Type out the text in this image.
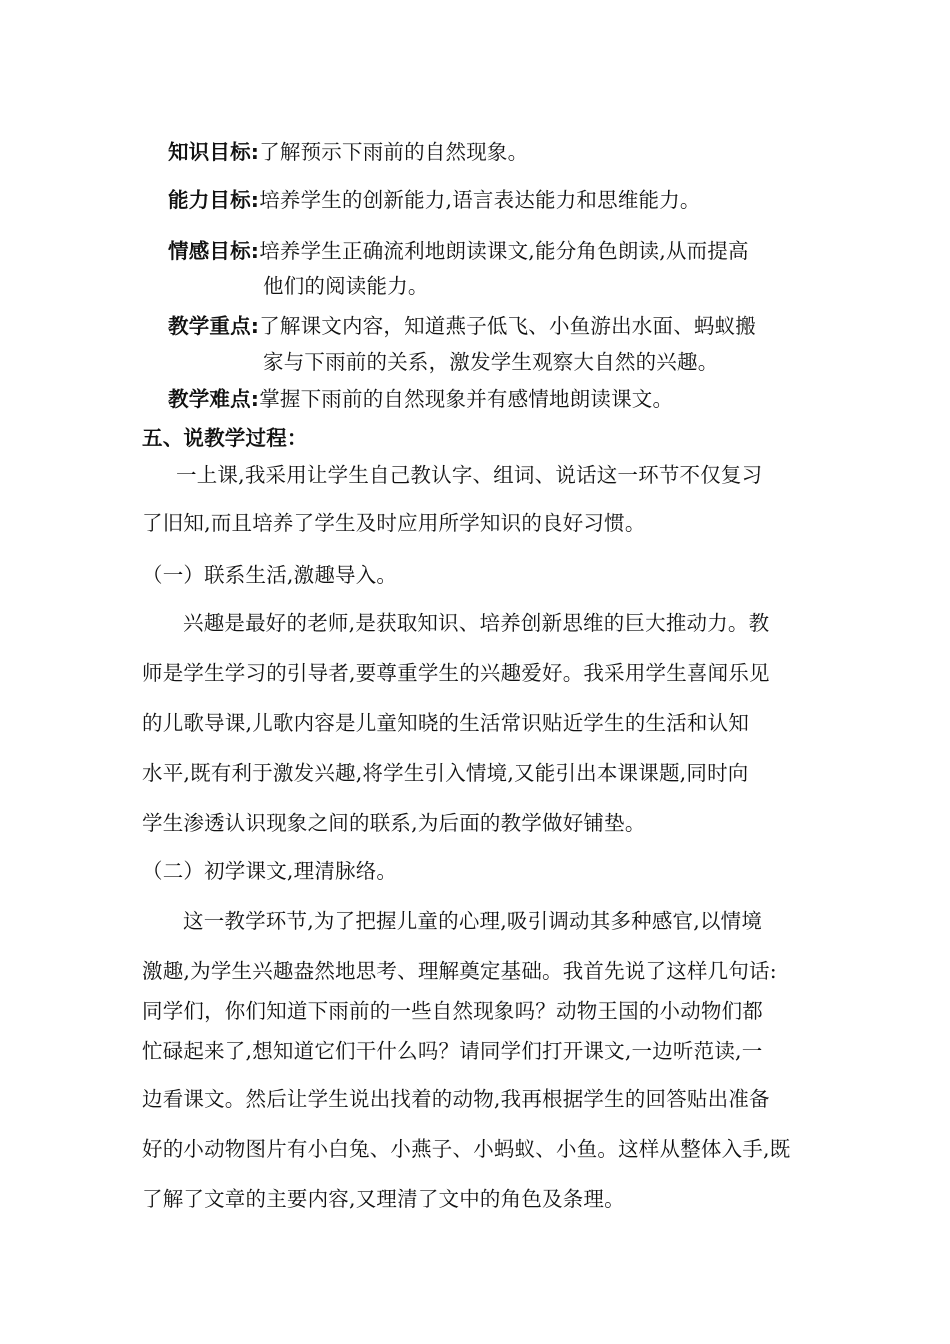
知识目标:了解预示下雨前的自然现象。
能力目标:培养学生的创新能力,语言表达能力和思维能力。
情感目标:培养学生正确流利地朗读课文,能分角色朗读,从而提高
他们的阅读能力。
教学重点:了解课文内容，知道燕子低飞、小鱼游出水面、蚂蚁搬
家与下雨前的关系，激发学生观察大自然的兴趣。
教学难点:掌握下雨前的自然现象并有感情地朗读课文。
五、说教学过程：
一上课,我采用让学生自己教认字、组词、说话这一环节不仅复习
了旧知,而且培养了学生及时应用所学知识的良好习惯。
（一）联系生活,激趣导入。
兴趣是最好的老师,是获取知识、培养创新思维的巨大推动力。教
师是学生学习的引导者,要尊重学生的兴趣爱好。我采用学生喜闻乐见
的儿歌导课,儿歌内容是儿童知晓的生活常识贴近学生的生活和认知
水平,既有利于激发兴趣,将学生引入情境,又能引出本课课题,同时向
学生渗透认识现象之间的联系,为后面的教学做好铺垫。
（二）初学课文,理清脉络。
这一教学环节,为了把握儿童的心理,吸引调动其多种感官,以情境
激趣,为学生兴趣盎然地思考、理解奠定基础。我首先说了这样几句话:
同学们，你们知道下雨前的一些自然现象吗？动物王国的小动物们都
忙碌起来了,想知道它们干什么吗？请同学们打开课文,一边听范读,一
边看课文。然后让学生说出找着的动物,我再根据学生的回答贴出准备
好的小动物图片有小白兔、小燕子、小蚂蚁、小鱼。这样从整体入手,既
了解了文章的主要内容,又理清了文中的角色及条理。
